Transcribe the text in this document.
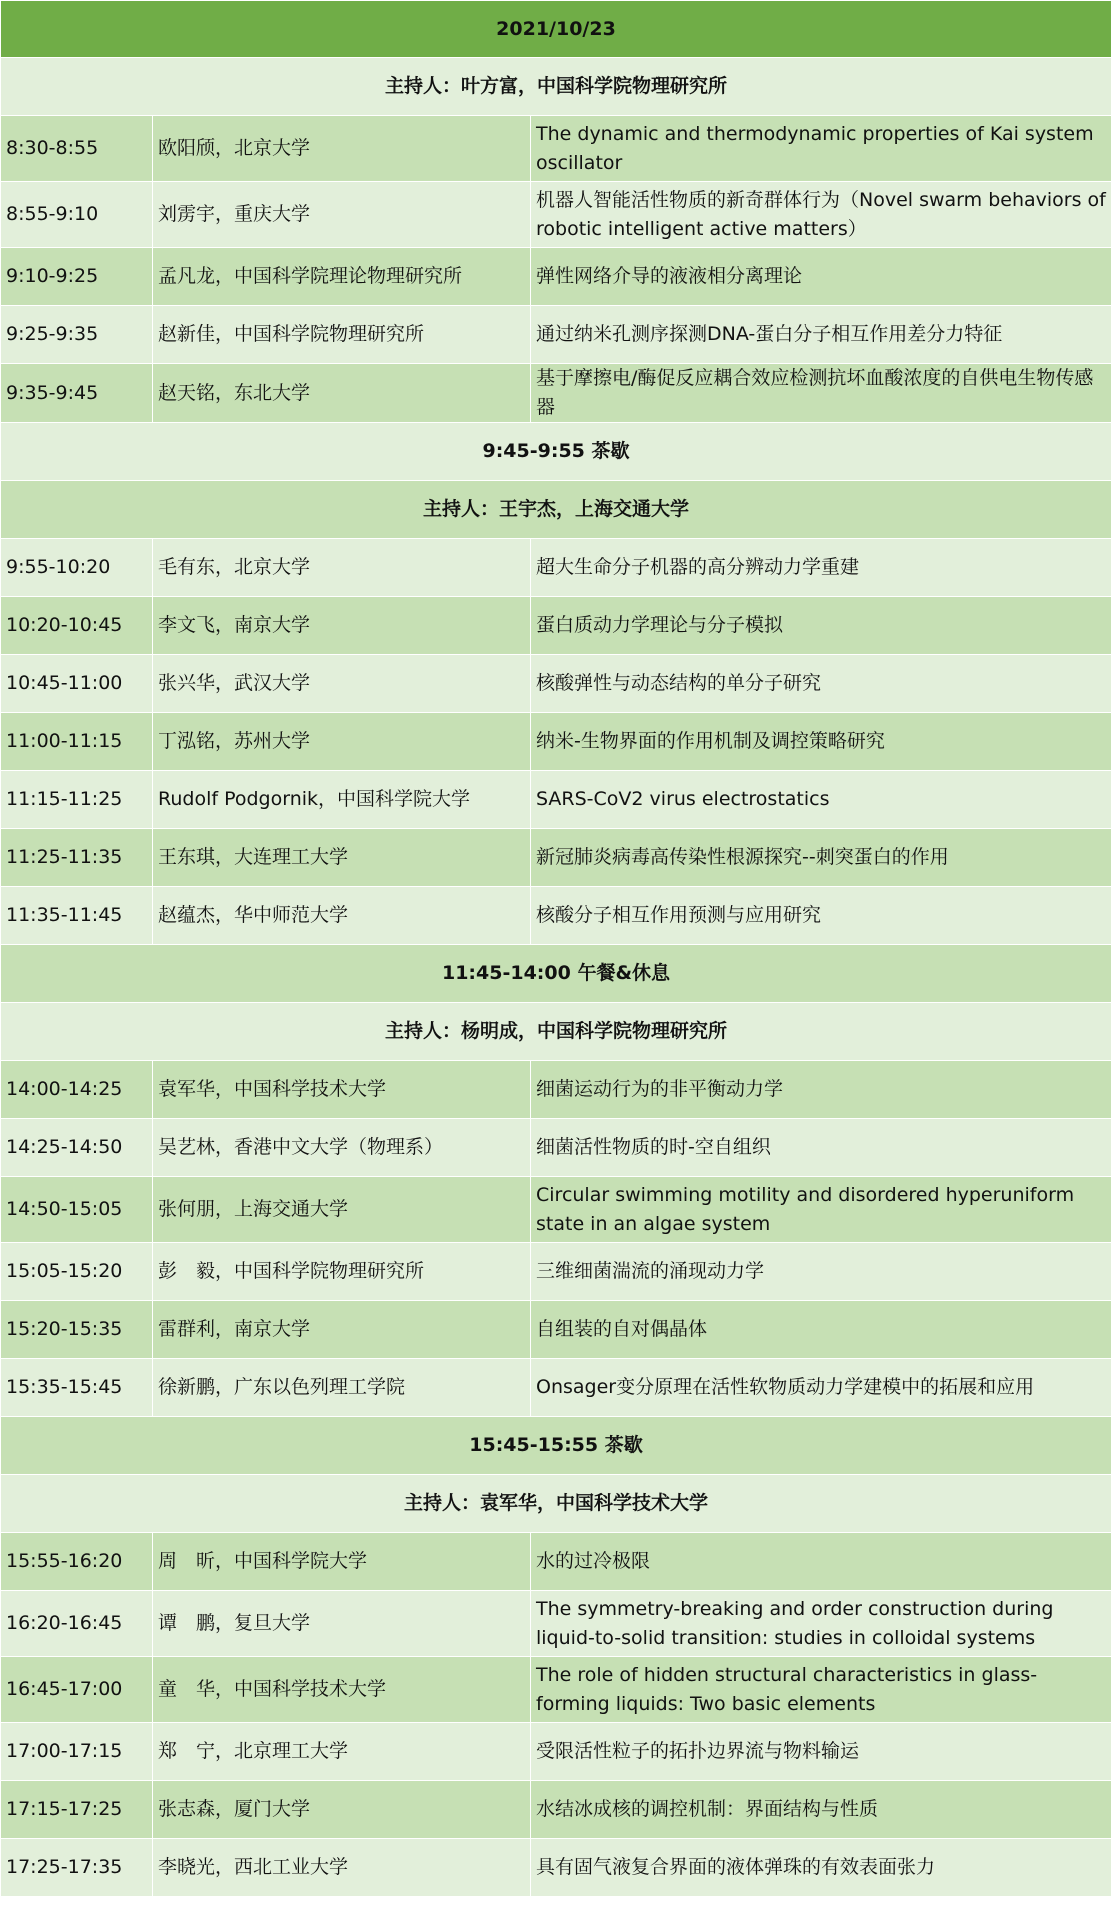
2021/10/23		
主持人：叶方富，中国科学院物理研究所		
8:30-8:55	欧阳颀，北京大学	The dynamic and thermodynamic properties of Kai system oscillator
8:55-9:10	刘雳宇，重庆大学	机器人智能活性物质的新奇群体行为（Novel swarm behaviors of robotic intelligent active matters）
9:10-9:25	孟凡龙，中国科学院理论物理研究所	弹性网络介导的液液相分离理论
9:25-9:35	赵新佳，中国科学院物理研究所	通过纳米孔测序探测DNA-蛋白分子相互作用差分力特征
9:35-9:45	赵天铭，东北大学	基于摩擦电/酶促反应耦合效应检测抗坏血酸浓度的自供电生物传感器
9:45-9:55 茶歇		
主持人：王宇杰，上海交通大学		
9:55-10:20	毛有东，北京大学	超大生命分子机器的高分辨动力学重建
10:20-10:45	李文飞，南京大学	蛋白质动力学理论与分子模拟
10:45-11:00	张兴华，武汉大学	核酸弹性与动态结构的单分子研究
11:00-11:15	丁泓铭，苏州大学	纳米-生物界面的作用机制及调控策略研究
11:15-11:25	Rudolf Podgornik，中国科学院大学	SARS-CoV2 virus electrostatics
11:25-11:35	王东琪，大连理工大学	新冠肺炎病毒高传染性根源探究--刺突蛋白的作用
11:35-11:45	赵蕴杰，华中师范大学	核酸分子相互作用预测与应用研究
11:45-14:00 午餐&休息		
主持人：杨明成，中国科学院物理研究所		
14:00-14:25	袁军华，中国科学技术大学	细菌运动行为的非平衡动力学
14:25-14:50	吴艺林，香港中文大学（物理系）	细菌活性物质的时-空自组织
14:50-15:05	张何朋，上海交通大学	Circular swimming motility and disordered hyperuniform state in an algae system
15:05-15:20	彭　毅，中国科学院物理研究所	三维细菌湍流的涌现动力学
15:20-15:35	雷群利，南京大学	自组装的自对偶晶体
15:35-15:45	徐新鹏，广东以色列理工学院	Onsager变分原理在活性软物质动力学建模中的拓展和应用
15:45-15:55 茶歇		
主持人：袁军华，中国科学技术大学		
15:55-16:20	周　昕，中国科学院大学	水的过冷极限
16:20-16:45	谭　鹏，复旦大学	The symmetry-breaking and order construction during liquid-to-solid transition: studies in colloidal systems
16:45-17:00	童　华，中国科学技术大学	The role of hidden structural characteristics in glass-forming liquids: Two basic elements
17:00-17:15	郑　宁，北京理工大学	受限活性粒子的拓扑边界流与物料输运
17:15-17:25	张志森，厦门大学	水结冰成核的调控机制：界面结构与性质
17:25-17:35	李晓光，西北工业大学	具有固气液复合界面的液体弹珠的有效表面张力
